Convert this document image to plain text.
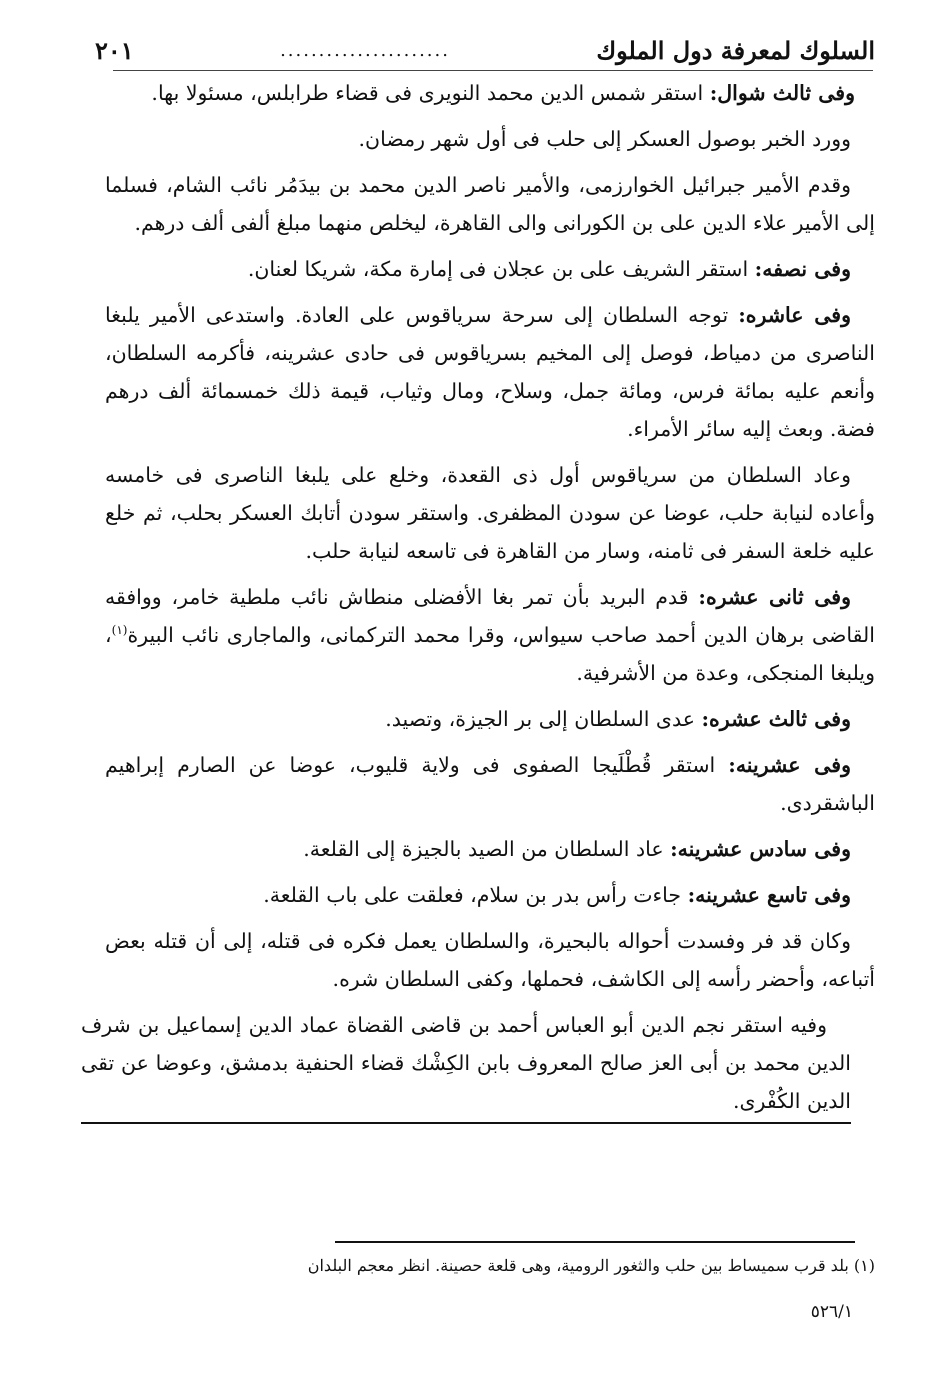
السلوك لمعرفة دول الملوك
......................
٢٠١

وفى ثالث شوال: استقر شمس الدين محمد النويرى فى قضاء طرابلس، مسئولا بها.

وورد الخبر بوصول العسكر إلى حلب فى أول شهر رمضان.

وقدم الأمير جبرائيل الخوارزمى، والأمير ناصر الدين محمد بن بيدَمُر نائب الشام، فسلما إلى الأمير علاء الدين على بن الكورانى والى القاهرة، ليخلص منهما مبلغ ألفى ألف درهم.

وفى نصفه: استقر الشريف على بن عجلان فى إمارة مكة، شريكا لعنان.

وفى عاشره: توجه السلطان إلى سرحة سرياقوس على العادة. واستدعى الأمير يلبغا الناصرى من دمياط، فوصل إلى المخيم بسرياقوس فى حادى عشرينه، فأكرمه السلطان، وأنعم عليه بمائة فرس، ومائة جمل، وسلاح، ومال وثياب، قيمة ذلك خمسمائة ألف درهم فضة. وبعث إليه سائر الأمراء.

وعاد السلطان من سرياقوس أول ذى القعدة، وخلع على يلبغا الناصرى فى خامسه وأعاده لنيابة حلب، عوضا عن سودن المظفرى. واستقر سودن أتابك العسكر بحلب، ثم خلع عليه خلعة السفر فى ثامنه، وسار من القاهرة فى تاسعه لنيابة حلب.

وفى ثانى عشره: قدم البريد بأن تمر بغا الأفضلى منطاش نائب ملطية خامر، ووافقه القاضى برهان الدين أحمد صاحب سيواس، وقرا محمد التركمانى، والماجارى نائب البيرة$^{(١)}$، ويلبغا المنجكى، وعدة من الأشرفية.

وفى ثالث عشره: عدى السلطان إلى بر الجيزة، وتصيد.

وفى عشرينه: استقر قُطْلَيجا الصفوى فى ولاية قليوب، عوضا عن الصارم إبراهيم الباشقردى.

وفى سادس عشرينه: عاد السلطان من الصيد بالجيزة إلى القلعة.

وفى تاسع عشرينه: جاءت رأس بدر بن سلام، فعلقت على باب القلعة.

وكان قد فر وفسدت أحواله بالبحيرة، والسلطان يعمل فكره فى قتله، إلى أن قتله بعض أتباعه، وأحضر رأسه إلى الكاشف، فحملها، وكفى السلطان شره.

وفيه استقر نجم الدين أبو العباس أحمد بن قاضى القضاة عماد الدين إسماعيل بن شرف الدين محمد بن أبى العز صالح المعروف بابن الكِشْك قضاء الحنفية بدمشق، وعوضا عن تقى الدين الكُفْرى.

(١) بلد قرب سميساط بين حلب والثغور الرومية، وهى قلعة حصينة. انظر معجم البلدان
٥٢٦/١
